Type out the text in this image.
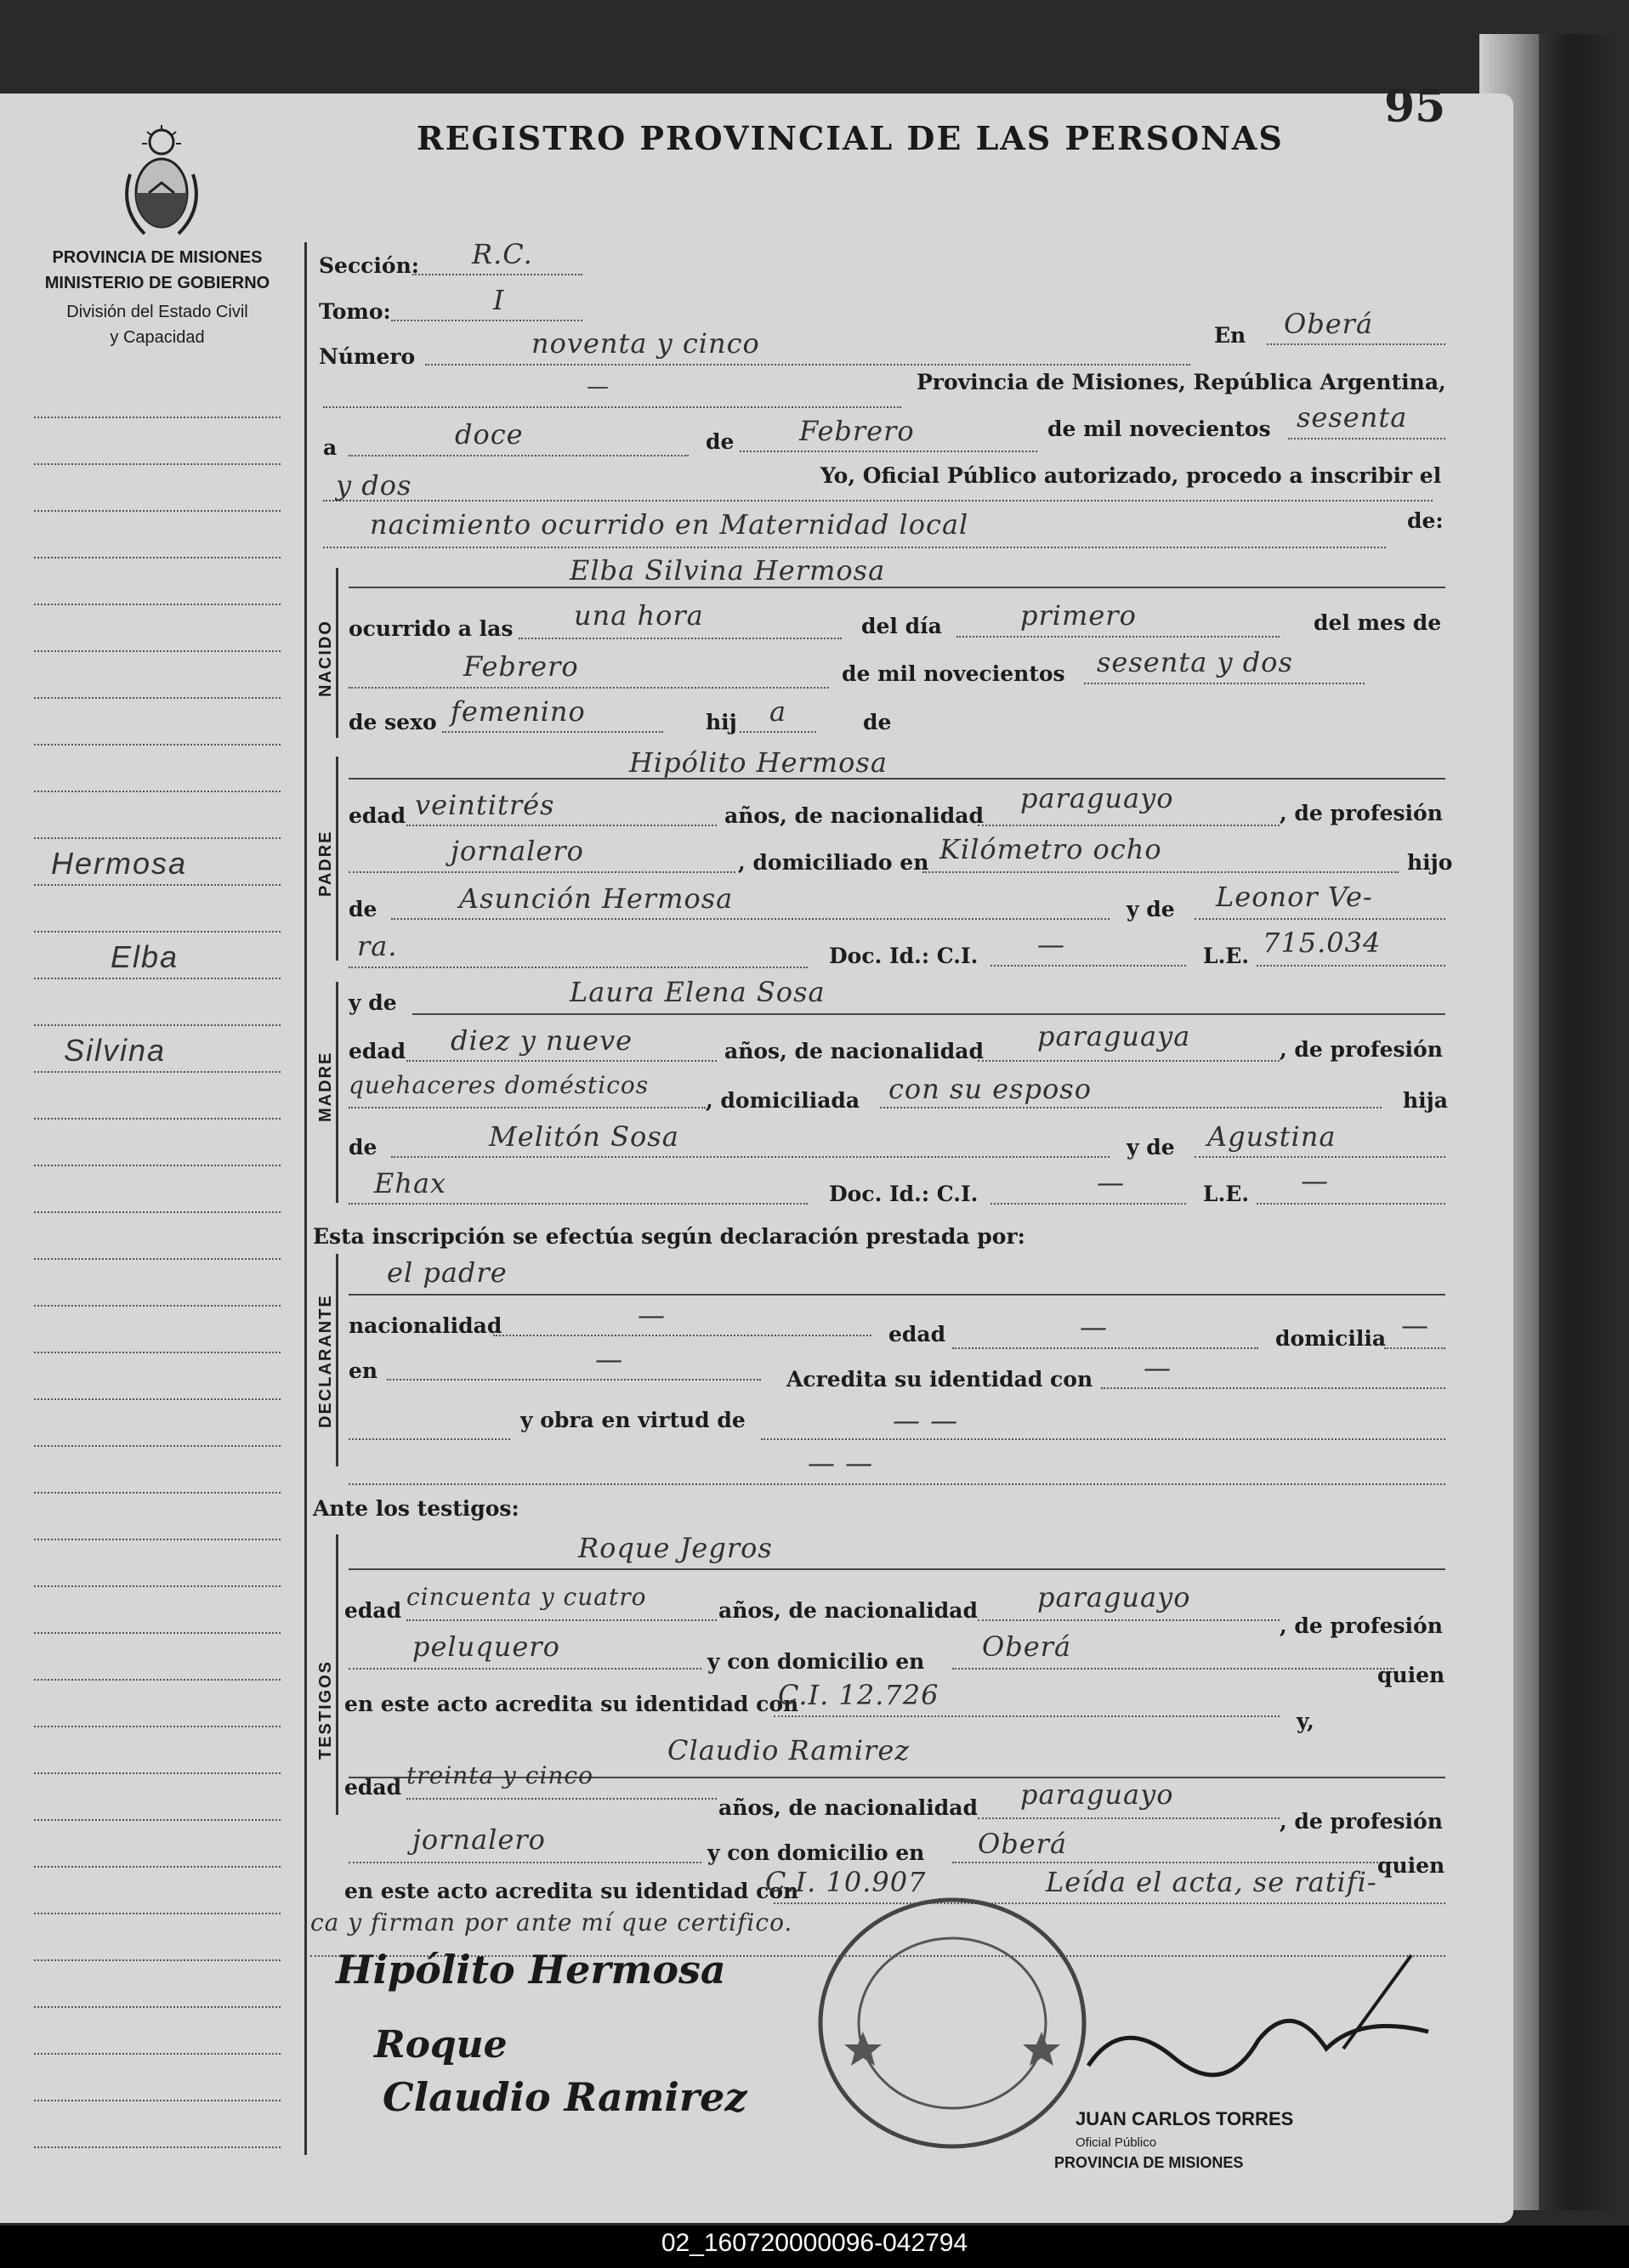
95
REGISTRO PROVINCIAL DE LAS PERSONAS
PROVINCIA DE MISIONES
MINISTERIO DE GOBIERNO
División del Estado Civil
y Capacidad
Hermosa
Elba
Silvina
NACIDO
PADRE
MADRE
DECLARANTE
TESTIGOS
Sección: R.C.
Tomo:	I
Número	noventa y cinco	En Oberá
—	Provincia de Misiones, República Argentina,
a	doce	de Febrero	de mil novecientos sesenta
y dos	Yo, Oficial Público autorizado, procedo a inscribir el
nacimiento ocurrido en Maternidad local	de:
Elba Silvina Hermosa
ocurrido a las una hora	del día	primero	del mes de
Febrero	de mil novecientos sesenta y dos
de sexo femenino	hij a	de
Hipólito Hermosa
edad veintitrés	años, de nacionalidad
paraguayo	, de profesión
jornalero	, domiciliado en Kilómetro ocho	hijo
de	Asunción Hermosa	y de Leonor Ve-
ra.	Doc. Id.: C.I. —	L.E. 715.034
y de	Laura Elena Sosa
edad diez y nueve	años, de nacionalidad paraguaya	, de profesión
quehaceres domésticos
, domiciliada con su esposo	hija
de	Melitón Sosa	y de Agustina
Ehax	Doc. Id.: C.I.	—	L.E. —
Esta inscripción se efectúa según declaración prestada por:
el padre
nacionalidad	—
edad	—	domicilia —
en	—
Acredita su identidad con —
y obra en virtud de	— —
— —
Ante los testigos:
Roque Jegros
edad cincuenta y cuatro	años, de nacionalidad paraguayo
, de profesión
peluquero	y con domicilio en Oberá
quien
en este acto acredita su identidad con
C.I. 12.726
y,
Claudio Ramirez
edad treinta y cinco
años, de nacionalidad paraguayo
, de profesión
jornalero	y con domicilio en Oberá
quien
en este acto acredita su identidad con
C.I. 10.907	Leída el acta, se ratifi-
ca y firman por ante mí que certifico.
Hipólito Hermosa
Roque
Claudio Ramirez	JUAN CARLOS TORRES
Oficial Público
PROVINCIA DE MISIONES
02_160720000096-042794
